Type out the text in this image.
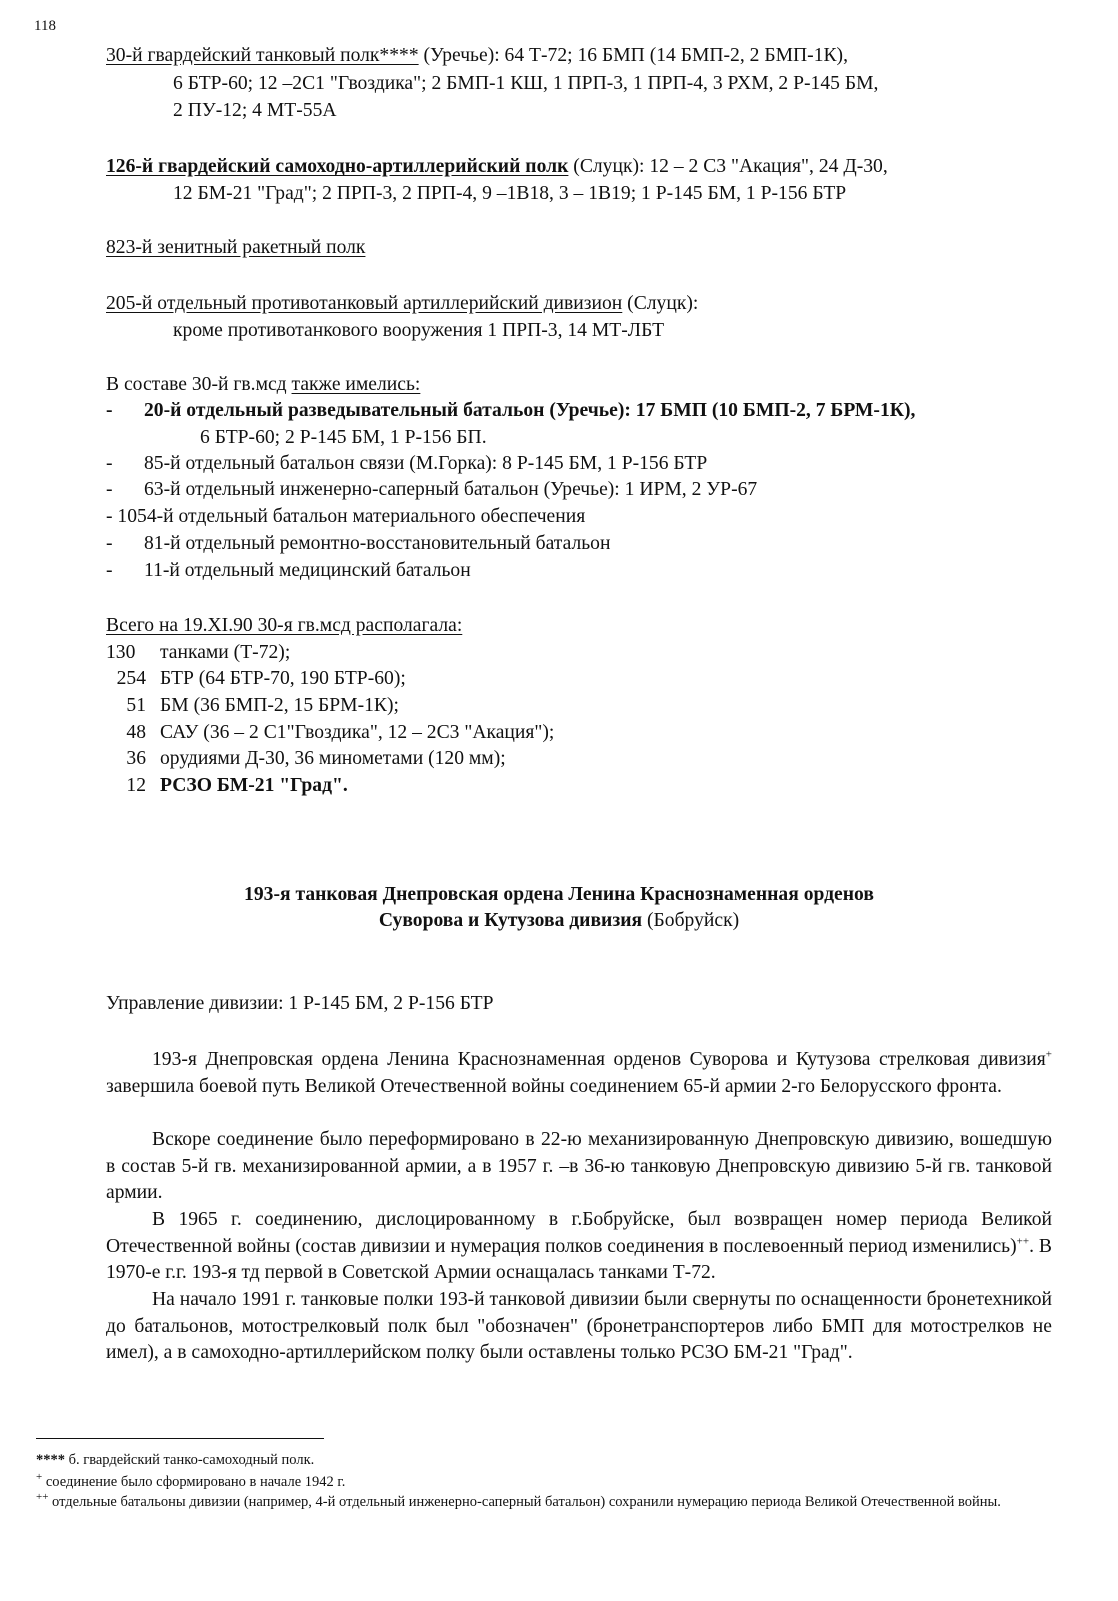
118
30-й гвардейский танковый полк**** (Уречье): 64 Т-72; 16 БМП (14 БМП-2, 2 БМП-1К),
6 БТР-60; 12 –2С1 "Гвоздика"; 2 БМП-1 КШ, 1 ПРП-3, 1 ПРП-4, 3 РХМ, 2 Р-145 БМ,
2 ПУ-12; 4 МТ-55А
126-й гвардейский самоходно-артиллерийский полк (Слуцк): 12 – 2 С3 "Акация", 24 Д-30,
12 БМ-21 "Град"; 2 ПРП-3, 2 ПРП-4, 9 –1В18, 3 – 1В19; 1 Р-145 БМ, 1 Р-156 БТР
823-й зенитный ракетный полк
205-й отдельный противотанковый артиллерийский дивизион (Слуцк):
кроме противотанкового вооружения 1 ПРП-3, 14 МТ-ЛБТ
В составе 30-й гв.мсд также имелись:
- 20-й отдельный разведывательный батальон (Уречье): 17 БМП (10 БМП-2, 7 БРМ-1К),
6 БТР-60; 2 Р-145 БМ, 1 Р-156 БП.
- 85-й отдельный батальон связи (М.Горка): 8 Р-145 БМ, 1 Р-156 БТР
- 63-й отдельный инженерно-саперный батальон (Уречье): 1 ИРМ, 2 УР-67
- 1054-й отдельный батальон материального обеспечения
- 81-й отдельный ремонтно-восстановительный батальон
- 11-й отдельный медицинский батальон
Всего на 19.XI.90 30-я гв.мсд располагала:
130 танками (Т-72);
254 БТР (64 БТР-70, 190 БТР-60);
51 БМ (36 БМП-2, 15 БРМ-1К);
48 САУ (36 – 2 С1"Гвоздика", 12 – 2С3 "Акация");
36 орудиями Д-30, 36 минометами (120 мм);
12 РСЗО БМ-21 "Град".
193-я танковая Днепровская ордена Ленина Краснознаменная орденов
Суворова и Кутузова дивизия (Бобруйск)
Управление дивизии: 1 Р-145 БМ, 2 Р-156 БТР
193-я Днепровская ордена Ленина Краснознаменная орденов Суворова и Кутузова стрелковая дивизия+ завершила боевой путь Великой Отечественной войны соединением 65-й армии 2-го Белорусского фронта.
Вскоре соединение было переформировано в 22-ю механизированную Днепровскую дивизию, вошедшую в состав 5-й гв. механизированной армии, а в 1957 г. –в 36-ю танковую Днепровскую дивизию 5-й гв. танковой армии.
В 1965 г. соединению, дислоцированному в г.Бобруйске, был возвращен номер периода Великой Отечественной войны (состав дивизии и нумерация полков соединения в послевоенный период изменились)++. В 1970-е г.г. 193-я тд первой в Советской Армии оснащалась танками Т-72.
На начало 1991 г. танковые полки 193-й танковой дивизии были свернуты по оснащенности бронетехникой до батальонов, мотострелковый полк был "обозначен" (бронетранспортеров либо БМП для мотострелков не имел), а в самоходно-артиллерийском полку были оставлены только РСЗО БМ-21 "Град".
**** б. гвардейский танко-самоходный полк.
+ соединение было сформировано в начале 1942 г.
++ отдельные батальоны дивизии (например, 4-й отдельный инженерно-саперный батальон) сохранили нумерацию периода Великой Отечественной войны.
